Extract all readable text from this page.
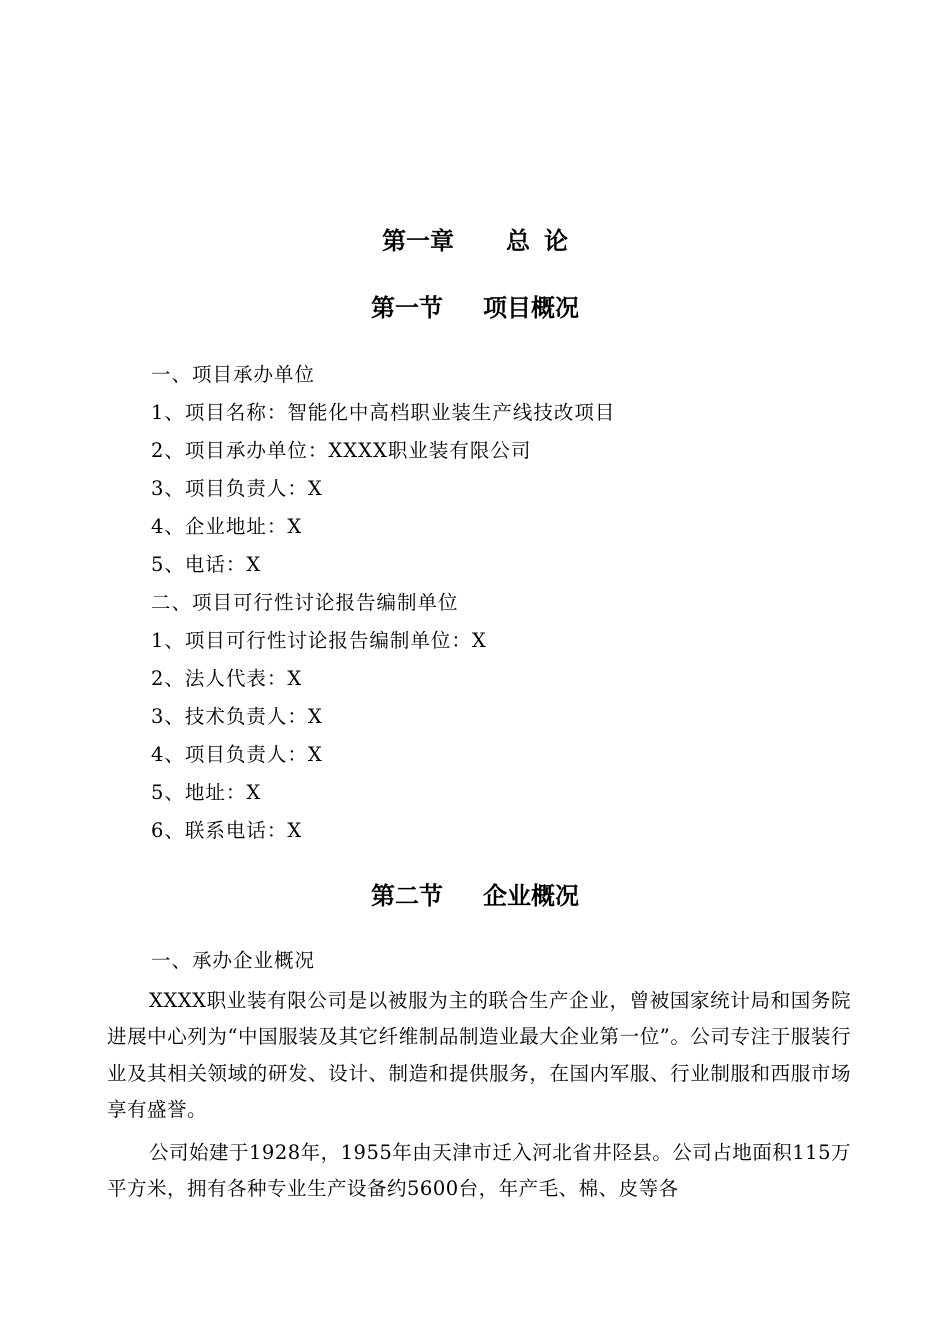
第一章 总 论
第一节 项目概况
一、项目承办单位
1、项目名称：智能化中高档职业装生产线技改项目
2、项目承办单位：XXXX职业装有限公司
3、项目负责人：X
4、企业地址：X
5、电话：X
二、项目可行性讨论报告编制单位
1、项目可行性讨论报告编制单位：X
2、法人代表：X
3、技术负责人：X
4、项目负责人：X
5、地址：X
6、联系电话：X
第二节 企业概况
一、承办企业概况

XXXX职业装有限公司是以被服为主的联合生产企业，曾被国家统计局和国务院进展中心列为“中国服装及其它纤维制品制造业最大企业第一位”。公司专注于服装行业及其相关领域的研发、设计、制造和提供服务，在国内军服、行业制服和西服市场享有盛誉。

公司始建于1928年，1955年由天津市迁入河北省井陉县。公司占地面积115万平方米，拥有各种专业生产设备约5600台，年产毛、棉、皮等各
